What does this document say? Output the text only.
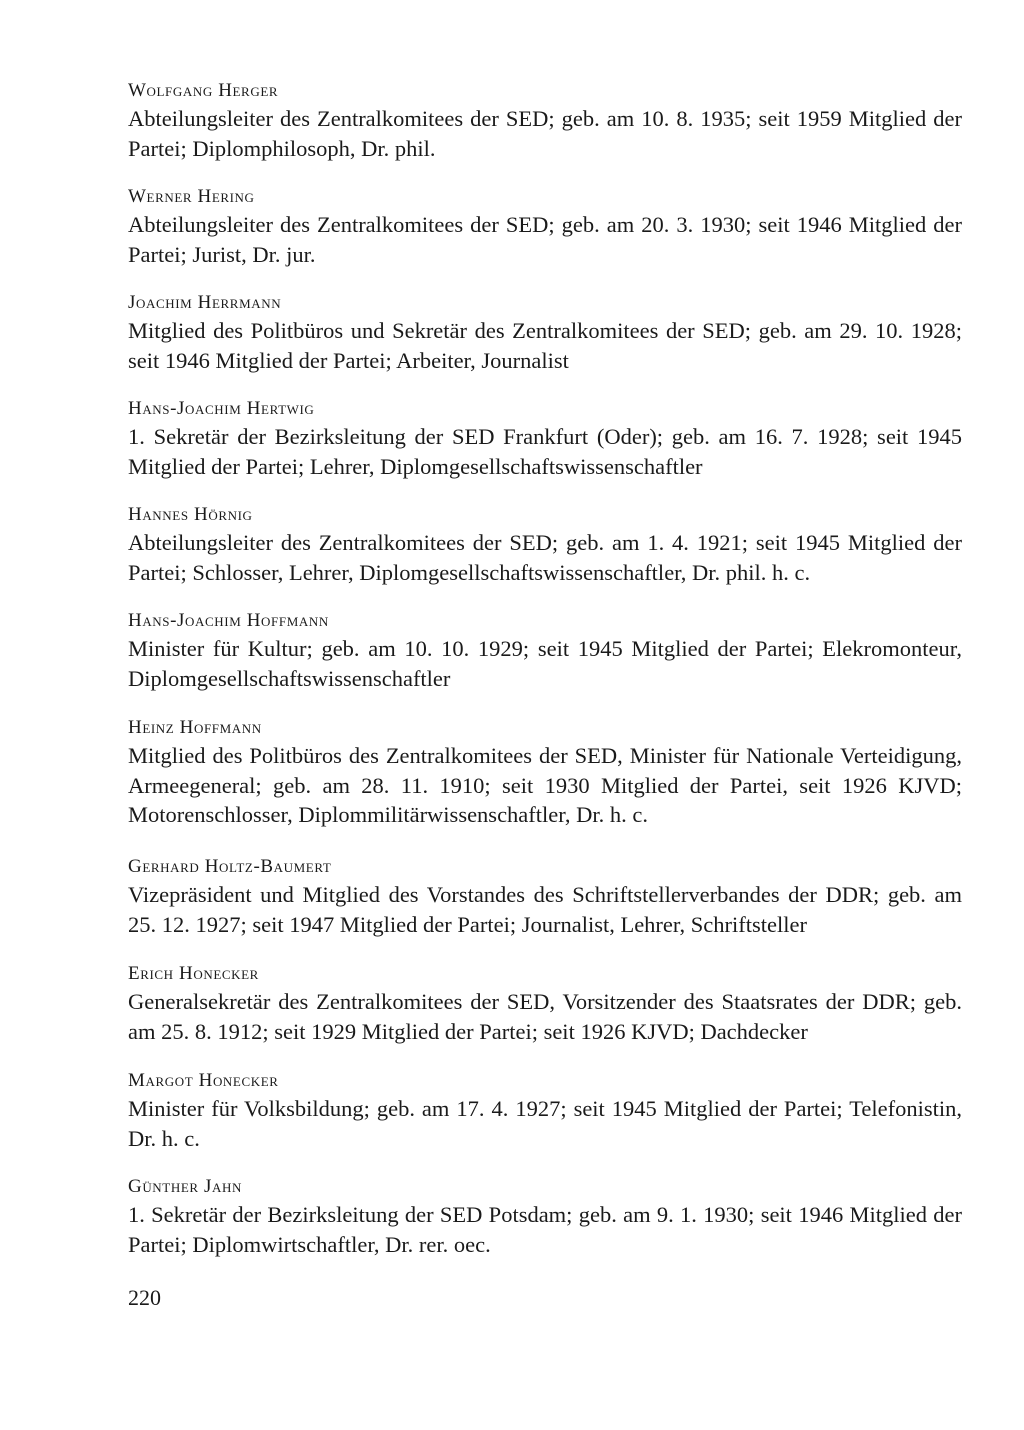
Wolfgang Herger
Abteilungsleiter des Zentralkomitees der SED; geb. am 10. 8. 1935; seit 1959 Mitglied der Partei; Diplomphilosoph, Dr. phil.
Werner Hering
Abteilungsleiter des Zentralkomitees der SED; geb. am 20. 3. 1930; seit 1946 Mitglied der Partei; Jurist, Dr. jur.
Joachim Herrmann
Mitglied des Politbüros und Sekretär des Zentralkomitees der SED; geb. am 29. 10. 1928; seit 1946 Mitglied der Partei; Arbeiter, Journalist
Hans-Joachim Hertwig
1. Sekretär der Bezirksleitung der SED Frankfurt (Oder); geb. am 16. 7. 1928; seit 1945 Mitglied der Partei; Lehrer, Diplomgesellschaftswissenschaftler
Hannes Hörnig
Abteilungsleiter des Zentralkomitees der SED; geb. am 1. 4. 1921; seit 1945 Mitglied der Partei; Schlosser, Lehrer, Diplomgesellschaftswissenschaftler, Dr. phil. h. c.
Hans-Joachim Hoffmann
Minister für Kultur; geb. am 10. 10. 1929; seit 1945 Mitglied der Partei; Elekromonteur, Diplomgesellschaftswissenschaftler
Heinz Hoffmann
Mitglied des Politbüros des Zentralkomitees der SED, Minister für Nationale Verteidigung, Armeegeneral; geb. am 28. 11. 1910; seit 1930 Mitglied der Partei, seit 1926 KJVD; Motorenschlosser, Diplommilitärwissenschaftler, Dr. h. c.
Gerhard Holtz-Baumert
Vizepräsident und Mitglied des Vorstandes des Schriftstellerverbandes der DDR; geb. am 25. 12. 1927; seit 1947 Mitglied der Partei; Journalist, Lehrer, Schriftsteller
Erich Honecker
Generalsekretär des Zentralkomitees der SED, Vorsitzender des Staatsrates der DDR; geb. am 25. 8. 1912; seit 1929 Mitglied der Partei; seit 1926 KJVD; Dachdecker
Margot Honecker
Minister für Volksbildung; geb. am 17. 4. 1927; seit 1945 Mitglied der Partei; Telefonistin, Dr. h. c.
Günther Jahn
1. Sekretär der Bezirksleitung der SED Potsdam; geb. am 9. 1. 1930; seit 1946 Mitglied der Partei; Diplomwirtschaftler, Dr. rer. oec.
220
